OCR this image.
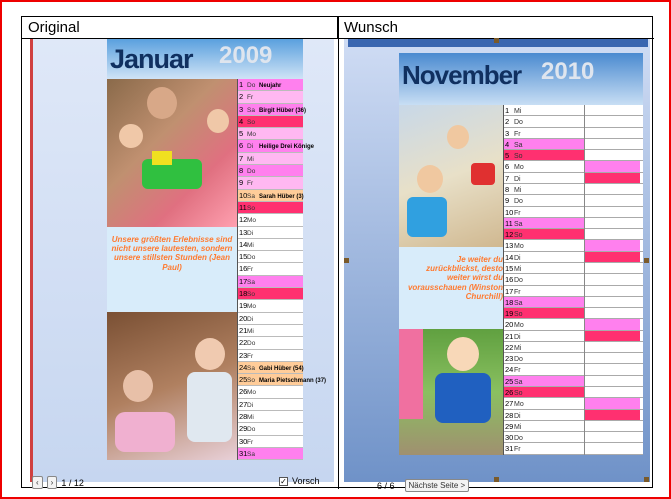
Original	Wunsch
Januar 2009
Unsere größten Erlebnisse sind nicht unsere lautesten, sondern unsere stillsten Stunden (Jean Paul)
1 Do Neujahr
2 Fr
3 Sa Birgit Hüber (36)
4 So
5 Mo
6 Di Heilige Drei Könige
7 Mi
8 Do
9 Fr
10Sa Sarah Hüber (3)
11So
12Mo
13Di
14Mi
15Do
16Fr
17Sa
18So
19Mo
20Di
21Mi
22Do
23Fr
24Sa Gabi Hüber (54)
25So Maria Pietschmann (37)
26Mo
27Di
28Mi
29Do
30Fr
31Sa
‹	› 1 / 12	✓ Vorsch
November 2010
Je weiter du zurückblickst, desto weiter wirst du vorausschauen (Winston Churchill)
1 Mi
2 Do
3 Fr
4 Sa
5 So
6 Mo
7 Di
8 Mi
9 Do
10Fr
11Sa
12So
13Mo
14Di
15Mi
16Do
17Fr
18Sa
19So
20Mo
21Di
22Mi
23Do
24Fr
25Sa
26So
27Mo
28Di
29Mi
30Do
31Fr
6 / 6	Nächste Seite >
